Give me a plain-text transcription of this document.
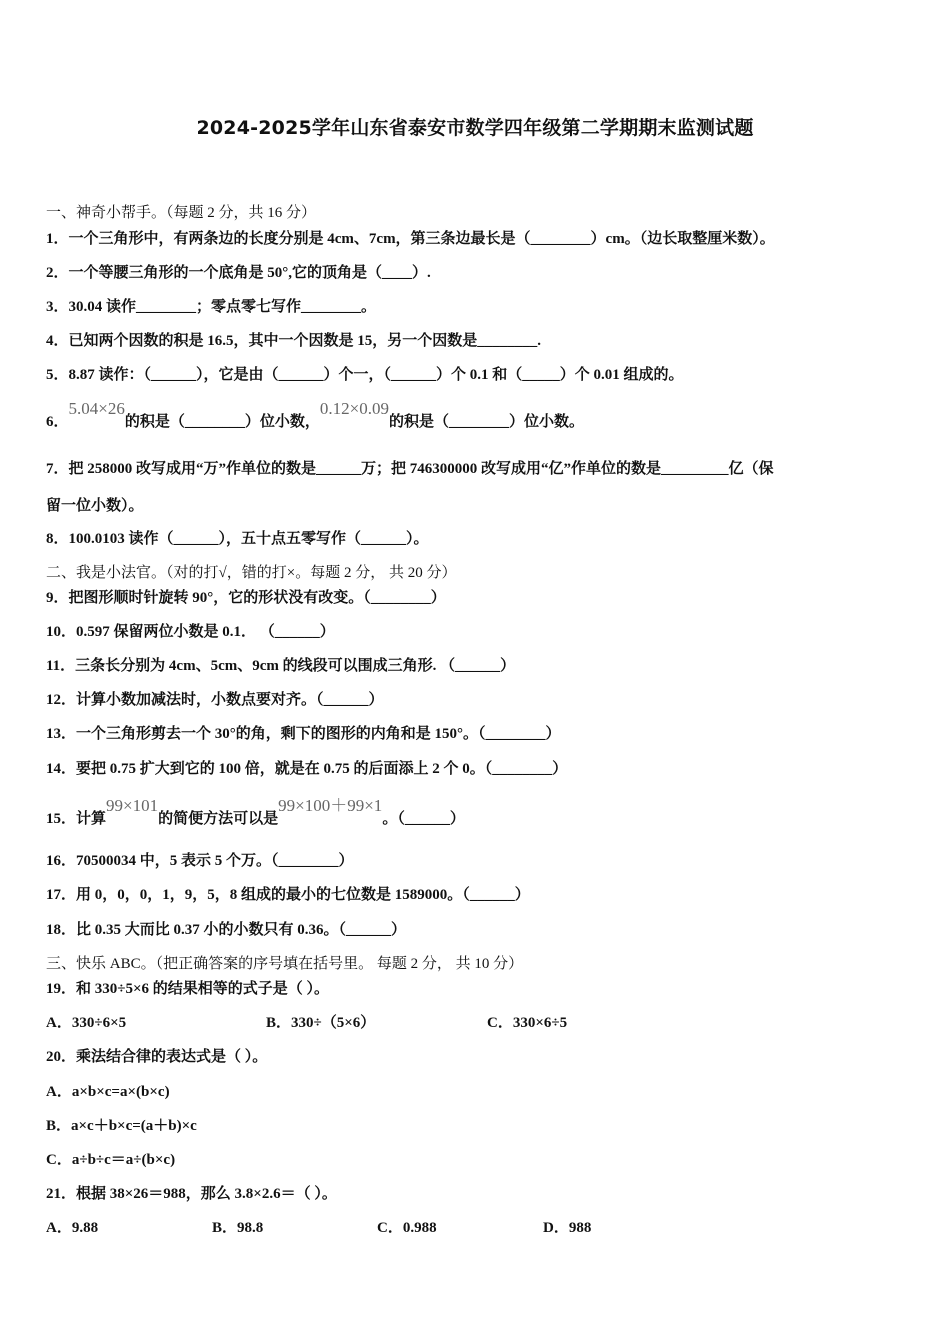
2024-2025学年山东省泰安市数学四年级第二学期期末监测试题
一、神奇小帮手。（每题 2 分，共 16 分）
1．一个三角形中，有两条边的长度分别是 4cm、7cm，第三条边最长是（________）cm。（边长取整厘米数）。
2．一个等腰三角形的一个底角是 50°,它的顶角是（____）.
3．30.04 读作________；零点零七写作________。
4．已知两个因数的积是 16.5，其中一个因数是 15，另一个因数是________.
5．8.87 读作：（______），它是由（______）个一，（______）个 0.1 和（_____）个 0.01 组成的。
6．5.04×26的积是（________）位小数，0.12×0.09的积是（________）位小数。
7．把 258000 改写成用“万”作单位的数是______万；把 746300000 改写成用“亿”作单位的数是_________亿（保
留一位小数）。
8．100.0103 读作（______），五十点五零写作（______）。
二、我是小法官。（对的打√，错的打×。每题 2 分， 共 20 分）
9．把图形顺时针旋转 90°，它的形状没有改变。（________）
10．0.597 保留两位小数是 0.1． （______）
11．三条长分别为 4cm、5cm、9cm 的线段可以围成三角形. （______）
12．计算小数加减法时，小数点要对齐。（______）
13．一个三角形剪去一个 30°的角，剩下的图形的内角和是 150°。（________）
14．要把 0.75 扩大到它的 100 倍，就是在 0.75 的后面添上 2 个 0。（________）
15．计算99×101的简便方法可以是99×100＋99×1。（______）
16．70500034 中，5 表示 5 个万。（________）
17．用 0，0，0，1，9，5，8 组成的最小的七位数是 1589000。（______）
18．比 0.35 大而比 0.37 小的小数只有 0.36。（______）
三、快乐 ABC。（把正确答案的序号填在括号里。 每题 2 分， 共 10 分）
19．和 330÷5×6 的结果相等的式子是（ ）。
A．330÷6×5	B．330÷（5×6）	C．330×6÷5
20．乘法结合律的表达式是（ ）。
A．a×b×c=a×(b×c)
B．a×c＋b×c=(a＋b)×c
C．a÷b÷c＝a÷(b×c)
21．根据 38×26＝988，那么 3.8×2.6＝（ ）。
A．9.88	B．98.8	C．0.988	D．988
